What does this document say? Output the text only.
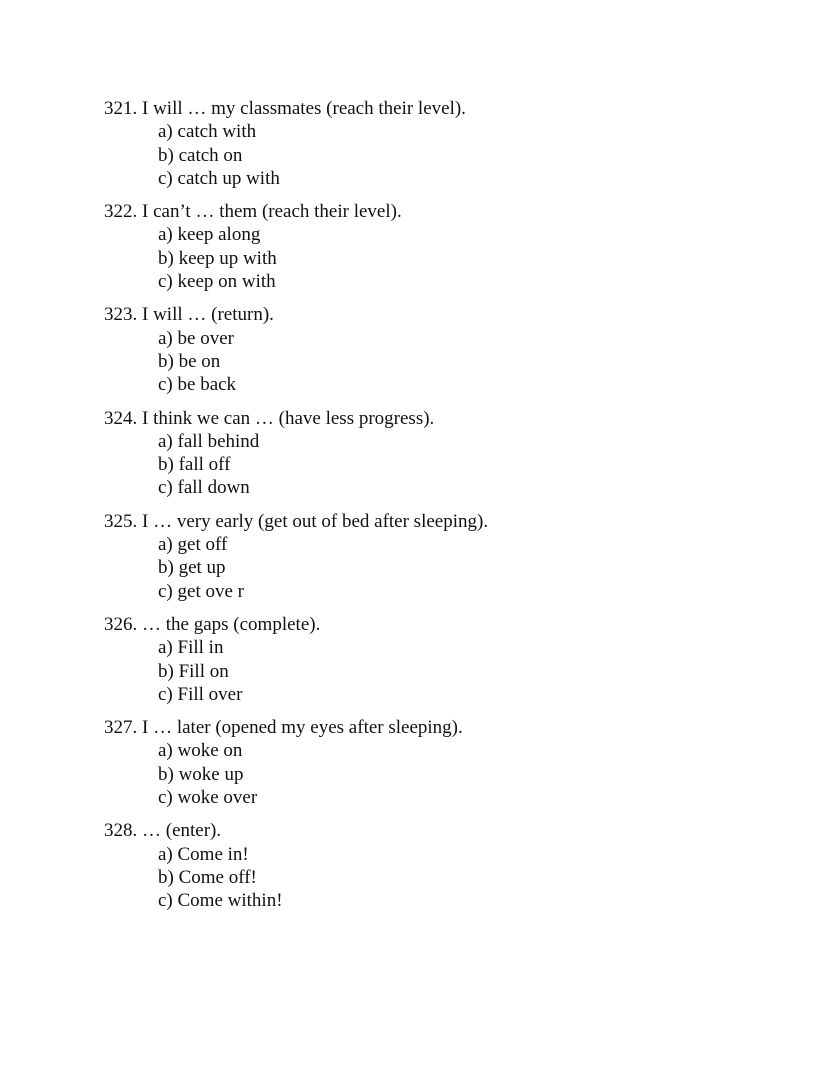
321. I will … my classmates (reach their level).
a) catch with
b) catch on
c) catch up with
322. I can’t … them (reach their level).
a) keep along
b) keep up with
c) keep on with
323. I will … (return).
a) be over
b) be on
c) be back
324. I think we can … (have less progress).
a) fall behind
b) fall off
c) fall down
325. I … very early (get out of bed after sleeping).
a) get off
b) get up
c) get ove r
326. … the gaps (complete).
a) Fill in
b) Fill on
c) Fill over
327. I … later (opened my eyes after sleeping).
a) woke on
b) woke up
c) woke over
328. … (enter).
a) Come in!
b) Come off!
c) Come within!
